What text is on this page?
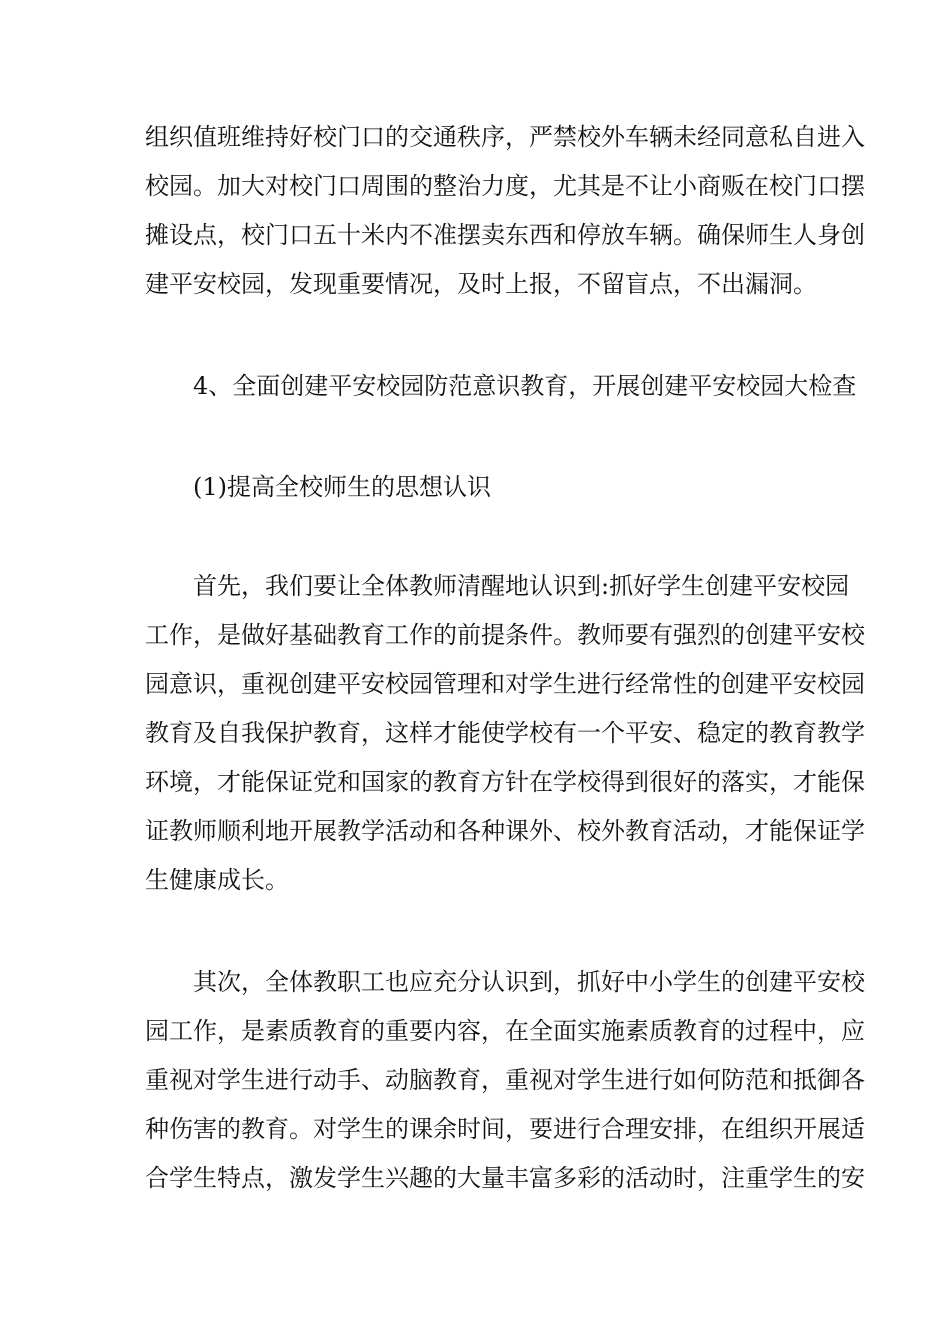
组织值班维持好校门口的交通秩序，严禁校外车辆未经同意私自进入
校园。加大对校门口周围的整治力度，尤其是不让小商贩在校门口摆
摊设点，校门口五十米内不准摆卖东西和停放车辆。确保师生人身创
建平安校园，发现重要情况，及时上报，不留盲点，不出漏洞。
4、全面创建平安校园防范意识教育，开展创建平安校园大检查
(1)提高全校师生的思想认识
首先，我们要让全体教师清醒地认识到:抓好学生创建平安校园
工作，是做好基础教育工作的前提条件。教师要有强烈的创建平安校
园意识，重视创建平安校园管理和对学生进行经常性的创建平安校园
教育及自我保护教育，这样才能使学校有一个平安、稳定的教育教学
环境，才能保证党和国家的教育方针在学校得到很好的落实，才能保
证教师顺利地开展教学活动和各种课外、校外教育活动，才能保证学
生健康成长。
其次，全体教职工也应充分认识到，抓好中小学生的创建平安校
园工作，是素质教育的重要内容，在全面实施素质教育的过程中，应
重视对学生进行动手、动脑教育，重视对学生进行如何防范和抵御各
种伤害的教育。对学生的课余时间，要进行合理安排，在组织开展适
合学生特点，激发学生兴趣的大量丰富多彩的活动时，注重学生的安
